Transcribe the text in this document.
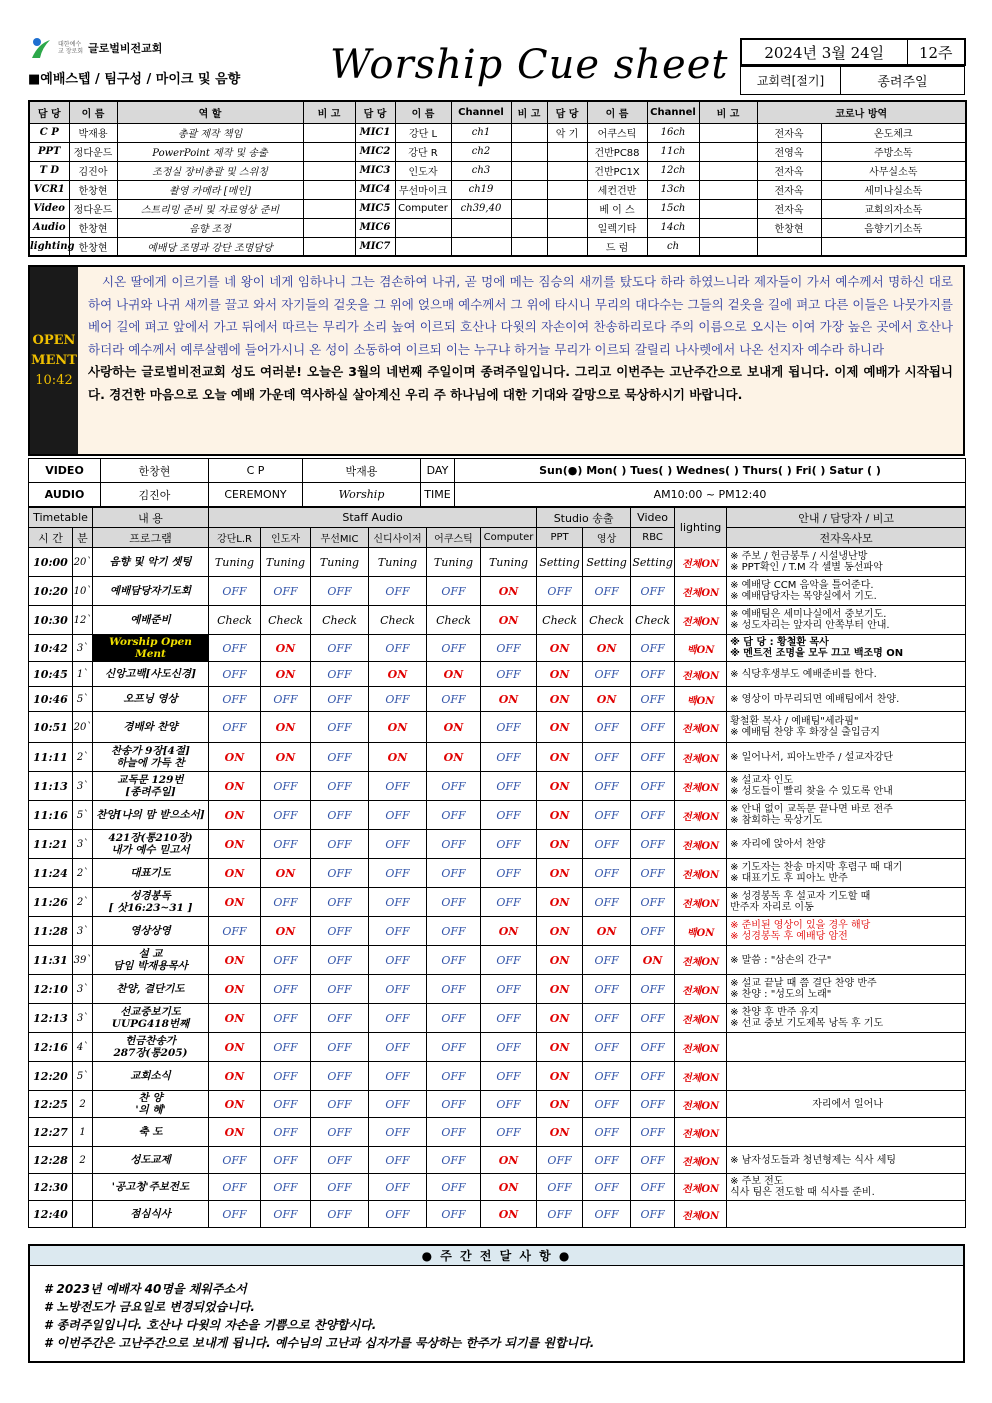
대한예수교 장로회 글로벌비전교회
■예배스텝 / 팀구성 / 마이크 및 음향 Worship Cue sheet 2024년 3월 24일	12주
교회력[절기]	종려주일
담 당	이 름	역 할	비 고	담 당	이 름	Channel	비 고	담 당	이 름	Channel	비 고	코로나 방역	
C P	박재용	총괄 제작 책임		MIC1	강단 L	ch1		악 기	어쿠스틱	16ch		전자옥	온도체크
PPT	정다운드	PowerPoint 제작 및 송출		MIC2	강단 R	ch2			건반PC88	11ch		전영옥	주방소독
T D	김진아	조정실 장비총괄 및 스위칭		MIC3	인도자	ch3			건반PC1X	12ch		전자옥	사무실소독
VCR1	한창현	촬영 카메라 [메인]		MIC4	무선마이크	ch19			세컨건반	13ch		전자옥	세미나실소독
Video	정다운드	스트리밍 준비 및 자료영상 준비		MIC5	Computer	ch39,40			베 이 스	15ch		전자옥	교회의자소독
Audio	한창현	음향 조정		MIC6					일렉기타	14ch		한창현	음향기기소독
lighting	한창현	예배당 조명과 강단 조명담당		MIC7					드 럼	ch			
OPEN
MENT
10:42
시온 딸에게 이르기를 네 왕이 네게 임하나니 그는 겸손하여 나귀, 곧 멍에 메는 짐승의 새끼를 탔도다 하라 하였느니라 제자들이 가서 예수께서 명하신 대로 하여 나귀와 나귀 새끼를 끌고 와서 자기들의 겉옷을 그 위에 얹으매 예수께서 그 위에 타시니 무리의 대다수는 그들의 겉옷을 길에 펴고 다른 이들은 나뭇가지를 베어 길에 펴고 앞에서 가고 뒤에서 따르는 무리가 소리 높여 이르되 호산나 다윗의 자손이여 찬송하리로다 주의 이름으로 오시는 이여 가장 높은 곳에서 호산나 하더라 예수께서 예루살렘에 들어가시니 온 성이 소동하여 이르되 이는 누구냐 하거늘 무리가 이르되 갈릴리 나사렛에서 나온 선지자 예수라 하니라
사랑하는 글로벌비전교회 성도 여러분! 오늘은 3월의 네번째 주일이며 종려주일입니다. 그리고 이번주는 고난주간으로 보내게 됩니다. 이제 예배가 시작됩니다. 경건한 마음으로 오늘 예배 가운데 역사하실 살아계신 우리 주 하나님에 대한 기대와 갈망으로 묵상하시기 바랍니다.
VIDEO	한창현	C P	박재용	DAY	Sun(●) Mon( ) Tues( ) Wednes( ) Thurs( ) Fri( ) Satur ( )
AUDIO	김진아	CEREMONY	Worship	TIME	AM10:00 ~ PM12:40
Timetable		내 용	Staff Audio						Studio 송출		Video	lighting	안내 / 담당자 / 비고
시 간	분	프로그램	강단L.R	인도자	무선MIC	신디사이저	어쿠스틱	Computer	PPT	영상	RBC		전자옥사모
10:00	20`	음향 및 악기 셋팅	Tuning	Tuning	Tuning	Tuning	Tuning	Tuning	Setting	Setting	Setting	전체ON	※ 주보 / 헌금봉투 / 시설냉난방
※ PPT확인 / T.M 각 셀별 동선파악
10:20	10`	예배담당자기도회	OFF	OFF	OFF	OFF	OFF	ON	OFF	OFF	OFF	전체ON	※ 예배당 CCM 음악을 틀어준다.
※ 예배담당자는 목양실에서 기도.
10:30	12`	예배준비	Check	Check	Check	Check	Check	ON	Check	Check	Check	전체ON	※ 예배팀은 세미나실에서 중보기도.
※ 성도자리는 앞자리 안쪽부터 안내.
10:42	3`	Worship Open Ment	OFF	ON	OFF	OFF	OFF	OFF	ON	ON	OFF	백ON	※ 담 당 : 황철환 목사
※ 멘트전 조명을 모두 끄고 백조명 ON
10:45	1`	신앙고백[사도신경]	OFF	ON	OFF	ON	ON	OFF	ON	OFF	OFF	전체ON	※ 식당후생부도 예배준비를 한다.
10:46	5`	오프닝 영상	OFF	OFF	OFF	OFF	OFF	ON	ON	ON	OFF	백ON	※ 영상이 마무리되면 예배팀에서 찬양.
10:51	20`	경배와 찬양	OFF	ON	OFF	ON	ON	OFF	ON	OFF	OFF	전체ON	황철환 목사 / 예배팀"세라핌"
※ 예배팀 찬양 후 화장실 출입금지
11:11	2`	찬송가 9장[4절]
하늘에 가득 찬	ON	ON	OFF	ON	ON	OFF	ON	OFF	OFF	전체ON	※ 일어나서, 피아노반주 / 설교자강단
11:13	3`	교독문 129번
[종려주일]	ON	OFF	OFF	OFF	OFF	OFF	ON	OFF	OFF	전체ON	※ 설교자 인도
※ 성도들이 빨리 찾을 수 있도록 안내
11:16	5`	찬양[나의 맘 받으소서]	ON	OFF	OFF	OFF	OFF	OFF	ON	OFF	OFF	전체ON	※ 안내 없이 교독문 끝나면 바로 전주
※ 참회하는 묵상기도
11:21	3`	421장(통210장)
내가 예수 믿고서	ON	OFF	OFF	OFF	OFF	OFF	ON	OFF	OFF	전체ON	※ 자리에 앉아서 찬양
11:24	2`	대표기도	ON	ON	OFF	OFF	OFF	OFF	ON	OFF	OFF	전체ON	※ 기도자는 찬송 마지막 후렴구 때 대기
※ 대표기도 후 피아노 반주
11:26	2`	성경봉독
[ 삿16:23~31 ]	ON	OFF	OFF	OFF	OFF	OFF	ON	OFF	OFF	전체ON	※ 성경봉독 후 설교자 기도할 때
반주자 자리로 이동
11:28	3`	영상상영	OFF	ON	OFF	OFF	OFF	ON	ON	ON	OFF	백ON	※ 준비된 영상이 있을 경우 해당
※ 성경봉독 후 예배당 암전
11:31	39`	설 교
담임 박재용목사	ON	OFF	OFF	OFF	OFF	OFF	ON	OFF	ON	전체ON	※ 말씀 : "삼손의 간구"
12:10	3`	찬양, 결단기도	ON	OFF	OFF	OFF	OFF	OFF	ON	OFF	OFF	전체ON	※ 설교 끝날 때 쯤 결단 찬양 반주
※ 찬양 : "성도의 노래"
12:13	3`	선교중보기도
UUPG418번째	ON	OFF	OFF	OFF	OFF	OFF	ON	OFF	OFF	전체ON	※ 찬양 후 반주 유지
※ 선교 중보 기도제목 낭독 후 기도
12:16	4`	헌금찬송가
287장(통205)	ON	OFF	OFF	OFF	OFF	OFF	ON	OFF	OFF	전체ON	
12:20	5`	교회소식	ON	OFF	OFF	OFF	OFF	OFF	ON	OFF	OFF	전체ON	
12:25	2	찬 양
'의 혜'	ON	OFF	OFF	OFF	OFF	OFF	ON	OFF	OFF	전체ON	자리에서 일어나
12:27	1	축 도	ON	OFF	OFF	OFF	OFF	OFF	ON	OFF	OFF	전체ON	
12:28	2	성도교제	OFF	OFF	OFF	OFF	OFF	ON	OFF	OFF	OFF	전체ON	※ 남자성도들과 청년형제는 식사 세팅
12:30		'공고청'주보전도	OFF	OFF	OFF	OFF	OFF	ON	OFF	OFF	OFF	전체ON	※ 주보 전도
식사 팀은 전도할 때 식사를 준비.
12:40		점심식사	OFF	OFF	OFF	OFF	OFF	ON	OFF	OFF	OFF	전체ON	
● 주 간 전 달 사 항 ●
# 2023년 예배자 40명을 채워주소서
# 노방전도가 금요일로 변경되었습니다.
# 종려주일입니다. 호산나 다윗의 자손을 기쁨으로 찬양합시다.
# 이번주간은 고난주간으로 보내게 됩니다. 예수님의 고난과 십자가를 묵상하는 한주가 되기를 원합니다.
